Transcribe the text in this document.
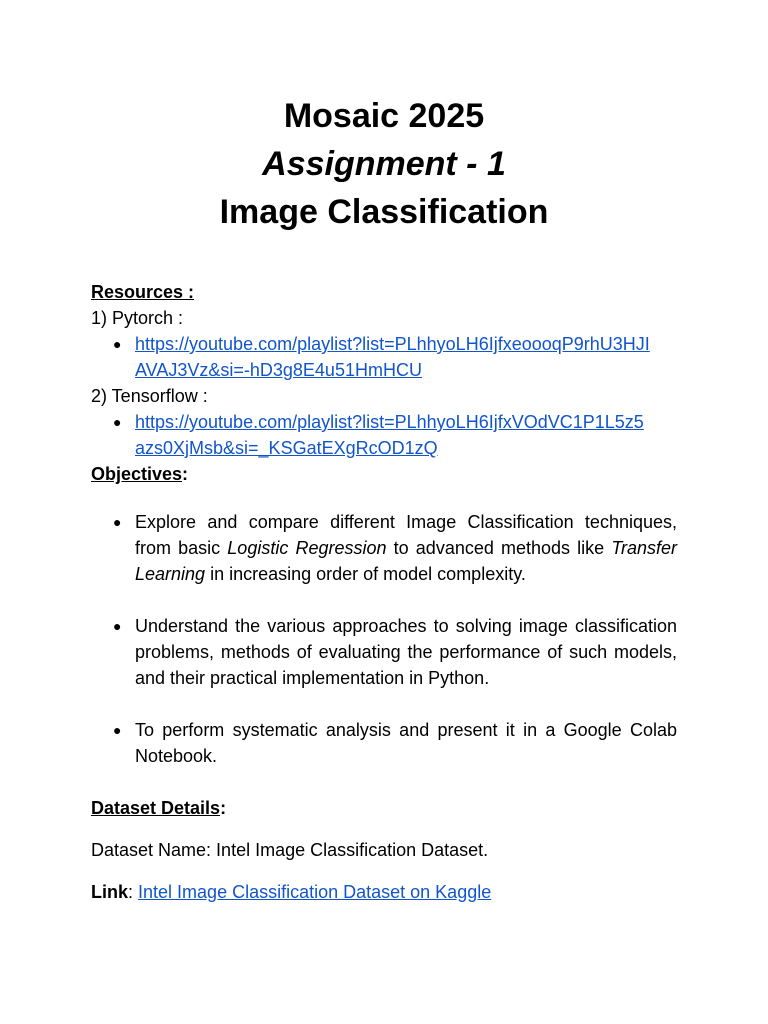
Mosaic 2025

Assignment - 1

Image Classification

Resources :

1) Pytorch :

● https://youtube.com/playlist?list=PLhhyoLH6IjfxeoooqP9rhU3HJI
AVAJ3Vz&si=-hD3g8E4u51HmHCU

2) Tensorflow :

● https://youtube.com/playlist?list=PLhhyoLH6IjfxVOdVC1P1L5z5
azs0XjMsb&si=_KSGatEXgRcOD1zQ

Objectives:

● Explore and compare different Image Classification techniques, from basic Logistic Regression to advanced methods like Transfer Learning in increasing order of model complexity.
● Understand the various approaches to solving image classification problems, methods of evaluating the performance of such models, and their practical implementation in Python.
● To perform systematic analysis and present it in a Google Colab Notebook.

Dataset Details:

Dataset Name: Intel Image Classification Dataset.

Link: Intel Image Classification Dataset on Kaggle
